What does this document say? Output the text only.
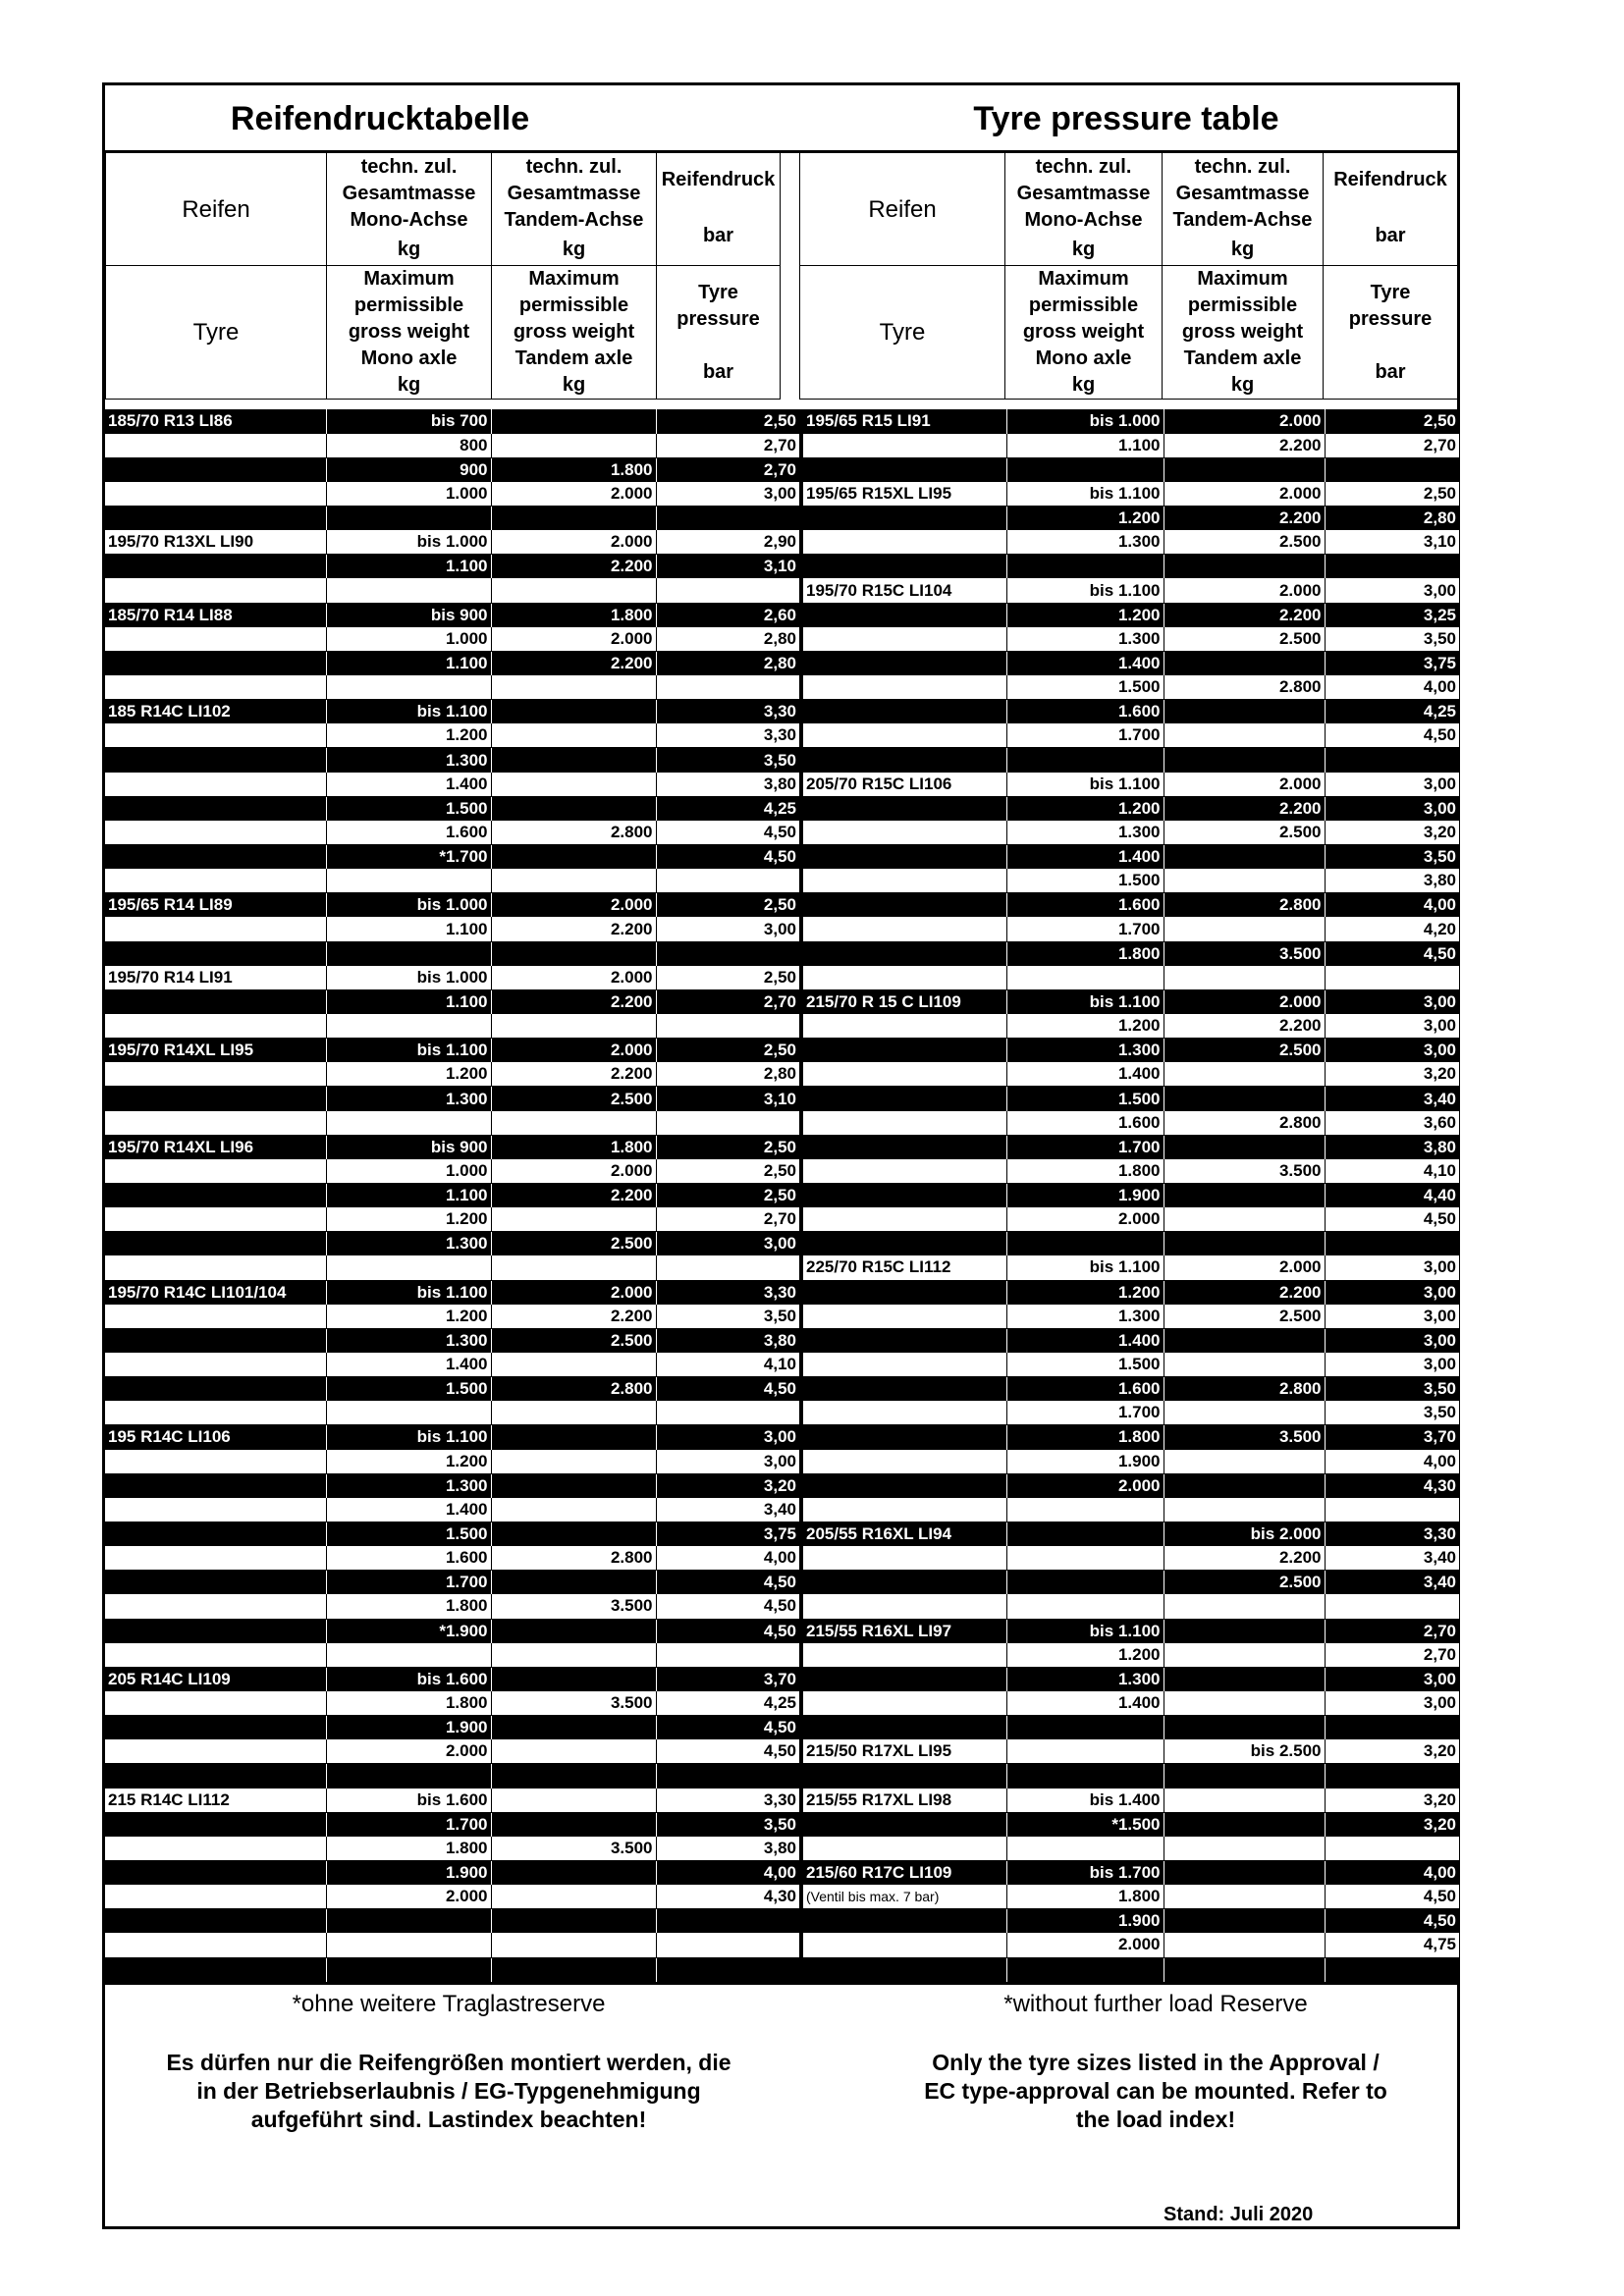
Reifendrucktabelle	Tyre pressure table
Reifen	techn. zul.
Gesamtmasse
Mono-Achse
kg	techn. zul.
Gesamtmasse
Tandem-Achse
kg	Reifendruck

bar
Tyre	Maximum
permissible
gross weight
Mono axle
kg	Maximum
permissible
gross weight
Tandem axle
kg	Tyre
pressure

bar
Reifen	techn. zul.
Gesamtmasse
Mono-Achse
kg	techn. zul.
Gesamtmasse
Tandem-Achse
kg	Reifendruck

bar
Tyre	Maximum
permissible
gross weight
Mono axle
kg	Maximum
permissible
gross weight
Tandem axle
kg	Tyre
pressure

bar
185/70 R13 LI86	bis 700		2,50
	800		2,70
	900	1.800	2,70
	1.000	2.000	3,00

195/70 R13XL LI90	bis 1.000	2.000	2,90
	1.100	2.200	3,10

185/70 R14 LI88	bis 900	1.800	2,60
	1.000	2.000	2,80
	1.100	2.200	2,80

185 R14C LI102	bis 1.100		3,30
	1.200		3,30
	1.300		3,50
	1.400		3,80
	1.500		4,25
	1.600	2.800	4,50
	*1.700		4,50

195/65 R14 LI89	bis 1.000	2.000	2,50
	1.100	2.200	3,00

195/70 R14 LI91	bis 1.000	2.000	2,50
	1.100	2.200	2,70

195/70 R14XL LI95	bis 1.100	2.000	2,50
	1.200	2.200	2,80
	1.300	2.500	3,10

195/70 R14XL LI96	bis 900	1.800	2,50
	1.000	2.000	2,50
	1.100	2.200	2,50
	1.200		2,70
	1.300	2.500	3,00

195/70 R14C LI101/104	bis 1.100	2.000	3,30
	1.200	2.200	3,50
	1.300	2.500	3,80
	1.400		4,10
	1.500	2.800	4,50

195 R14C LI106	bis 1.100		3,00
	1.200		3,00
	1.300		3,20
	1.400		3,40
	1.500		3,75
	1.600	2.800	4,00
	1.700		4,50
	1.800	3.500	4,50
	*1.900		4,50

205 R14C LI109	bis 1.600		3,70
	1.800	3.500	4,25
	1.900		4,50
	2.000		4,50

215 R14C LI112	bis 1.600		3,30
	1.700		3,50
	1.800	3.500	3,80
	1.900		4,00
	2.000		4,30

195/65 R15 LI91	bis 1.000	2.000	2,50
	1.100	2.200	2,70

195/65 R15XL LI95	bis 1.100	2.000	2,50
	1.200	2.200	2,80
	1.300	2.500	3,10

195/70 R15C LI104	bis 1.100	2.000	3,00
	1.200	2.200	3,25
	1.300	2.500	3,50
	1.400		3,75
	1.500	2.800	4,00
	1.600		4,25
	1.700		4,50

205/70 R15C LI106	bis 1.100	2.000	3,00
	1.200	2.200	3,00
	1.300	2.500	3,20
	1.400		3,50
	1.500		3,80
	1.600	2.800	4,00
	1.700		4,20
	1.800	3.500	4,50

215/70 R 15 C LI109	bis 1.100	2.000	3,00
	1.200	2.200	3,00
	1.300	2.500	3,00
	1.400		3,20
	1.500		3,40
	1.600	2.800	3,60
	1.700		3,80
	1.800	3.500	4,10
	1.900		4,40
	2.000		4,50

225/70 R15C LI112	bis 1.100	2.000	3,00
	1.200	2.200	3,00
	1.300	2.500	3,00
	1.400		3,00
	1.500		3,00
	1.600	2.800	3,50
	1.700		3,50
	1.800	3.500	3,70
	1.900		4,00
	2.000		4,30

205/55 R16XL LI94		bis 2.000	3,30
		2.200	3,40
		2.500	3,40

215/55 R16XL LI97	bis 1.100		2,70
	1.200		2,70
	1.300		3,00
	1.400		3,00

215/50 R17XL LI95		bis 2.500	3,20

215/55 R17XL LI98	bis 1.400		3,20
	*1.500		3,20

215/60 R17C LI109	bis 1.700		4,00
(Ventil bis max. 7 bar)	1.800		4,50
	1.900		4,50
	2.000		4,75

*ohne weitere Traglastreserve
Es dürfen nur die Reifengrößen montiert werden, die in der Betriebserlaubnis / EG-Typgenehmigung aufgeführt sind. Lastindex beachten!
*without further load Reserve
Only the tyre sizes listed in the Approval / EC type-approval can be mounted. Refer to the load index!
Stand: Juli 2020
